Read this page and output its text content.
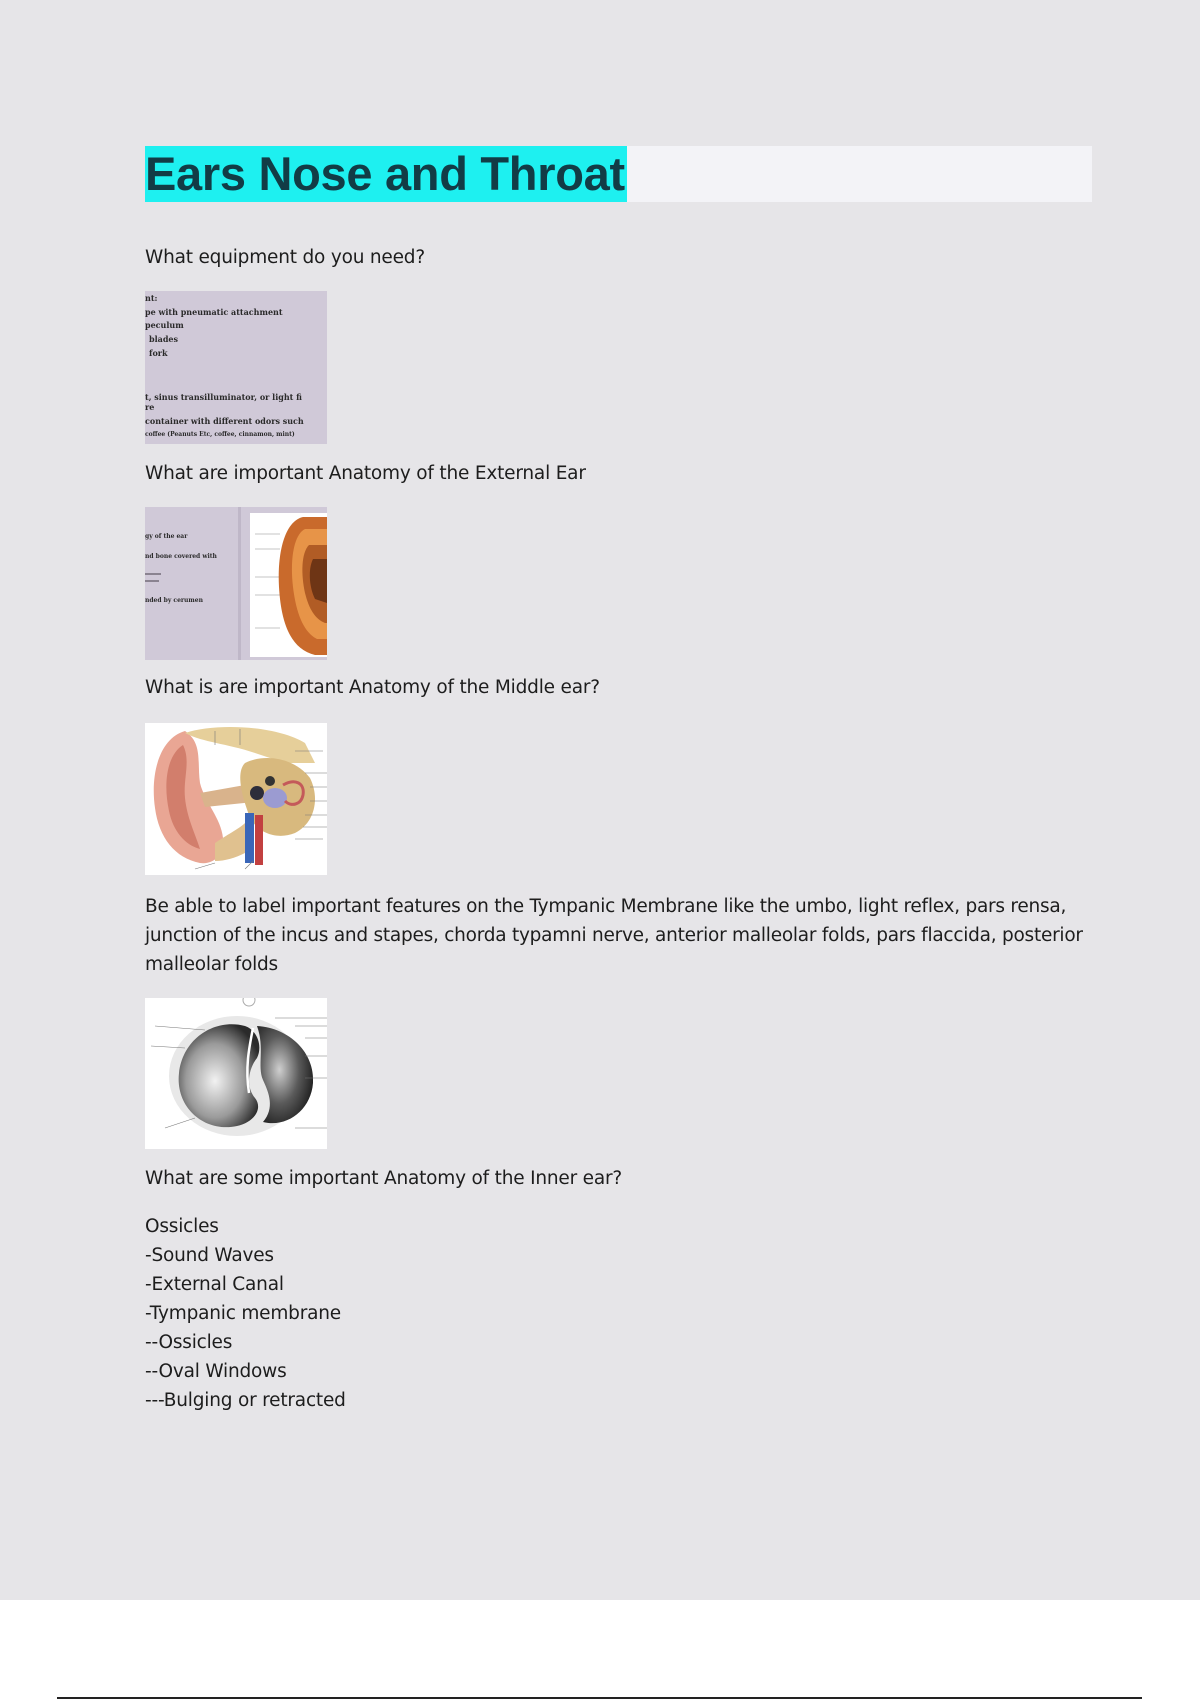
Ears Nose and Throat

What equipment do you need?

nt:
pe with pneumatic attachment
peculum
blades
fork
t, sinus transilluminator, or light fi
re
container with different odors such
coffee (Peanuts Etc, coffee, cinnamon, mint)

What are important Anatomy of the External Ear

gy of the ear
nd bone covered with
nded by cerumen

What is are important Anatomy of the Middle ear?

Be able to label important features on the Tympanic Membrane like the umbo, light reflex, pars rensa, junction of the incus and stapes, chorda typamni nerve, anterior malleolar folds, pars flaccida, posterior malleolar folds

What are some important Anatomy of the Inner ear?

Ossicles
-Sound Waves
-External Canal
-Tympanic membrane
--Ossicles
--Oval Windows
---Bulging or retracted
